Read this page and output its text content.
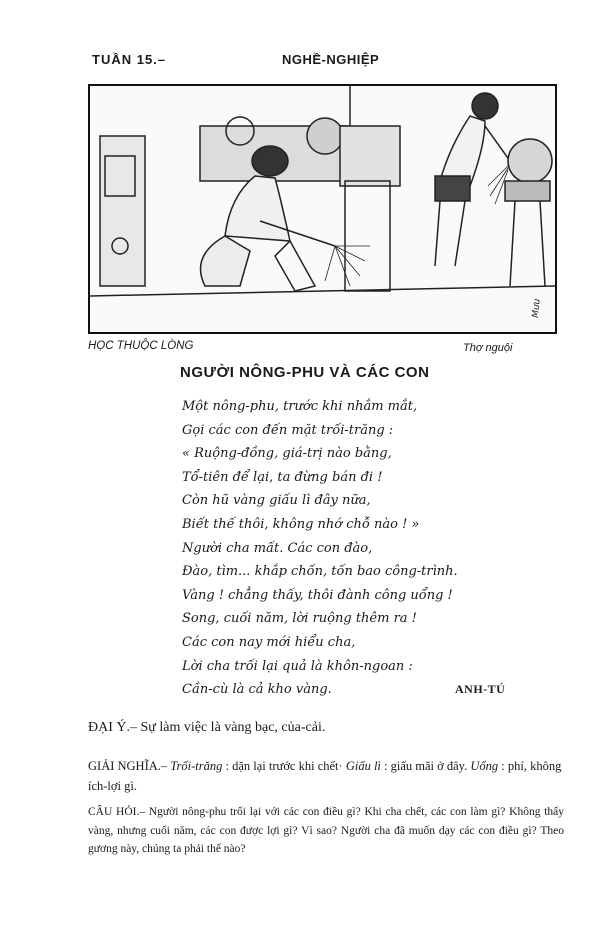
TUẦN 15.–	NGHỀ-NGHIỆP
Mưu
HỌC THUỘC LÒNG	Thợ nguội
NGƯỜI NÔNG-PHU VÀ CÁC CON
Một nông-phu, trước khi nhắm mắt,
Gọi các con đến mặt trối-trăng :
« Ruộng-đồng, giá-trị nào bằng,
Tổ-tiên để lại, ta đừng bán đi !
Còn hũ vàng giấu lì đây nữa,
Biết thế thôi, không nhớ chỗ nào ! »
Người cha mất. Các con đào,
Đào, tìm... khắp chốn, tốn bao công-trình.
Vàng ! chẳng thấy, thôi đành công uổng !
Song, cuối năm, lời ruộng thêm ra !
Các con nay mới hiểu cha,
Lời cha trối lại quả là khôn-ngoan :
Cần-cù là cả kho vàng.	ANH-TÚ
ĐẠI Ý.– Sự làm việc là vàng bạc, của-cải.
GIẢI NGHĨA.– Trối-trăng : dặn lại trước khi chết· Giấu lì : giấu mãi ở đây. Uổng : phí, không ích-lợi gì.
CÂU HỎI.– Người nông-phu trối lại với các con điều gì? Khi cha chết, các con làm gì? Không thấy vàng, nhưng cuối năm, các con được lợi gì? Vì sao? Người cha đã muốn dạy các con điều gì? Theo gương này, chúng ta phải thế nào?
